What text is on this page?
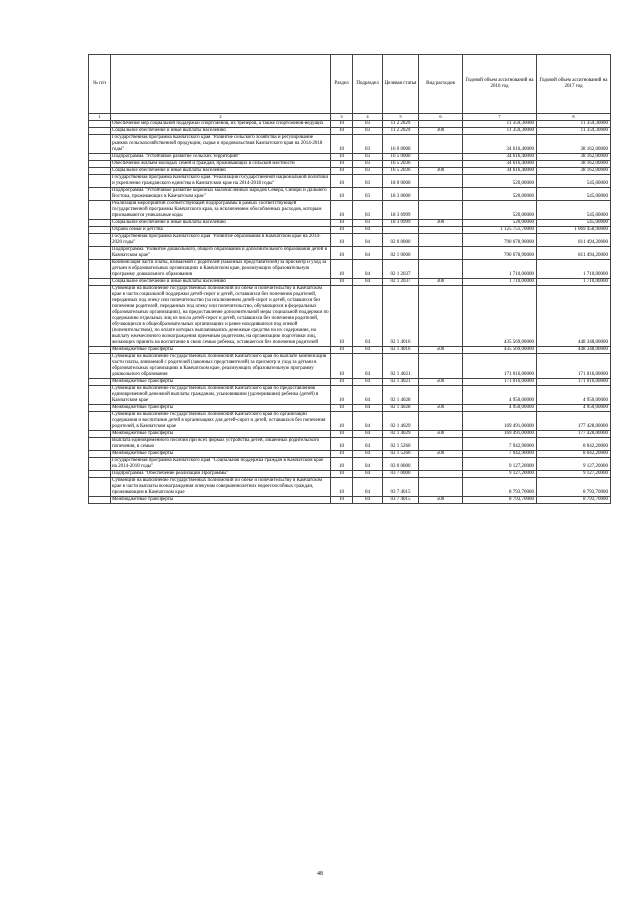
№ п/п		Раздел	Подраздел	Целевая статья	Вид расходов	Годовой объем ассигнований на 2016 год	Годовой объем ассигнований на 2017 год
1	2	3	4	5	6	7	8
	Обеспечение мер социальной поддержки спортсменов, их тренеров, а также спортсменов-ведущих	10	03	11 2 2029		11 359,30000	11 359,30000
	Социальное обеспечение и иные выплаты населению	10	03	11 2 2029	300	11 359,30000	11 359,30000
	Государственная программа Камчатского края "Развитие сельского хозяйства и регулирование рынков сельскохозяйственной продукции, сырья и продовольствия Камчатского края на 2014-2018 годы"	10	03	16 0 0000		34 616,40000	38 162,00000
	Подпрограмма "Устойчивое развитие сельских территорий"	10	03	16 5 0000		34 616,40000	38 162,00000
	Обеспечение жильем молодых семей и граждан, проживающих в сельской местности	10	03	16 5 2036		34 616,40000	38 162,00000
	Социальное обеспечение и иные выплаты населению	10	03	16 5 2036	300	34 616,40000	38 162,00000
	Государственная программа Камчатского края "Реализация государственной национальной политики и укрепление гражданского единства в Камчатском крае на 2014-2018 годы"	10	03	18 0 0000		520,00000	545,00000
	Подпрограмма "Устойчивое развитие коренных малочисленных народов Севера, Сибири и Дальнего Востока, проживающих в Камчатском крае"	10	03	18 3 0000		520,00000	545,00000
	Реализация мероприятий соответствующей подпрограммы в рамках соответствующей государственной программы Камчатского края, за исключением обособленных расходов, которым присваиваются уникальные коды	10	03	18 3 0999		520,00000	545,00000
	Социальное обеспечение и иные выплаты населению	10	03	18 3 0999	300	520,00000	545,00000
	Охрана семьи и детства	10	04			1 125 751,70000	1 069 458,90000
	Государственная программа Камчатского края "Развитие образования в Камчатском крае на 2014-2020 годы"	10	04	02 0 0000		790 678,90000	811 494,20000
	Подпрограмма "Развитие дошкольного, общего образования и дополнительного образования детей в Камчатском крае"	10	04	02 1 0000		790 678,90000	811 494,20000
	Компенсация части платы, взимаемой с родителей (законных представителей) за присмотр и уход за детьми в образовательных организациях в Камчатском крае, реализующих образовательную программу дошкольного образования	10	04	02 1 2037		1 710,00000	1 710,00000
	Социальное обеспечение и иные выплаты населению	10	04	02 1 2037	300	1 710,00000	1 710,00000
	Субвенции на выполнение государственных полномочий по опеке и попечительству в Камчатском крае в части социальной поддержки детей-сирот и детей, оставшихся без попечения родителей, переданных под опеку или попечительство (за исключением детей-сирот и детей, оставшихся без попечения родителей, переданных под опеку или попечительство, обучающихся в федеральных образовательных организациях), на предоставление дополнительной меры социальной поддержки по содержанию отдельных лиц из числа детей-сирот и детей, оставшихся без попечения родителей, обучающихся в общеобразовательных организациях и ранее находившихся под опекой (попечительством), по оплате которых выплачивались денежные средства на их содержание, на выплату ежемесячного вознаграждения приемным родителям, на организацию подготовки лиц, желающих принять на воспитание в свою семью ребенка, оставшегося без попечения родителей	10	04	02 1 4016		435 569,00000	448 348,00000
	Межбюджетные трансферты	10	04	02 1 4016	500	435 569,00000	448 348,00000
	Субвенции на выполнение государственных полномочий Камчатского края по выплате компенсации части платы, взимаемой с родителей (законных представителей) за присмотр и уход за детьми в образовательных организациях в Камчатском крае, реализующих образовательную программу дошкольного образования	10	04	02 1 4021		171 016,00000	171 016,00000
	Межбюджетные трансферты	10	04	02 1 4021	500	171 016,00000	171 016,00000
	Субвенции на выполнение государственных полномочий Камчатского края по предоставлению единовременной денежной выплаты гражданам, усыновившим (удочерившим) ребенка (детей) в Камчатском крае	10	04	02 1 4028		4 950,00000	4 950,00000
	Межбюджетные трансферты	10	04	02 1 4028	500	4 950,00000	4 950,00000
	Субвенции на выполнение государственных полномочий Камчатского края по организации содержания и воспитания детей в организациях для детей-сирот и детей, оставшихся без попечения родителей, в Камчатском крае	10	04	02 1 4029		169 491,00000	177 428,00000
	Межбюджетные трансферты	10	04	02 1 4029	500	169 491,00000	177 428,00000
	Выплата единовременного пособия при всех формах устройства детей, лишенных родительского попечения, в семью	10	04	02 1 5260		7 942,90000	8 042,20000
	Межбюджетные трансферты	10	04	02 1 5260	500	7 942,90000	8 042,20000
	Государственная программа Камчатского края "Социальная поддержка граждан в Камчатском крае на 2014-2018 годы"	10	04	03 0 0000		9 127,20000	9 127,20000
	Подпрограмма "Обеспечение реализации Программы"	10	04	03 7 0000		9 127,20000	9 127,20000
	Субвенции на выполнение государственных полномочий по опеке и попечительству в Камчатском крае в части выплаты вознаграждения опекунам совершеннолетних недееспособных граждан, проживающим в Камчатском крае	10	04	03 7 4015		8 793,70000	8 793,70000
	Межбюджетные трансферты	10	04	03 7 4015	500	8 793,70000	8 793,70000
48
